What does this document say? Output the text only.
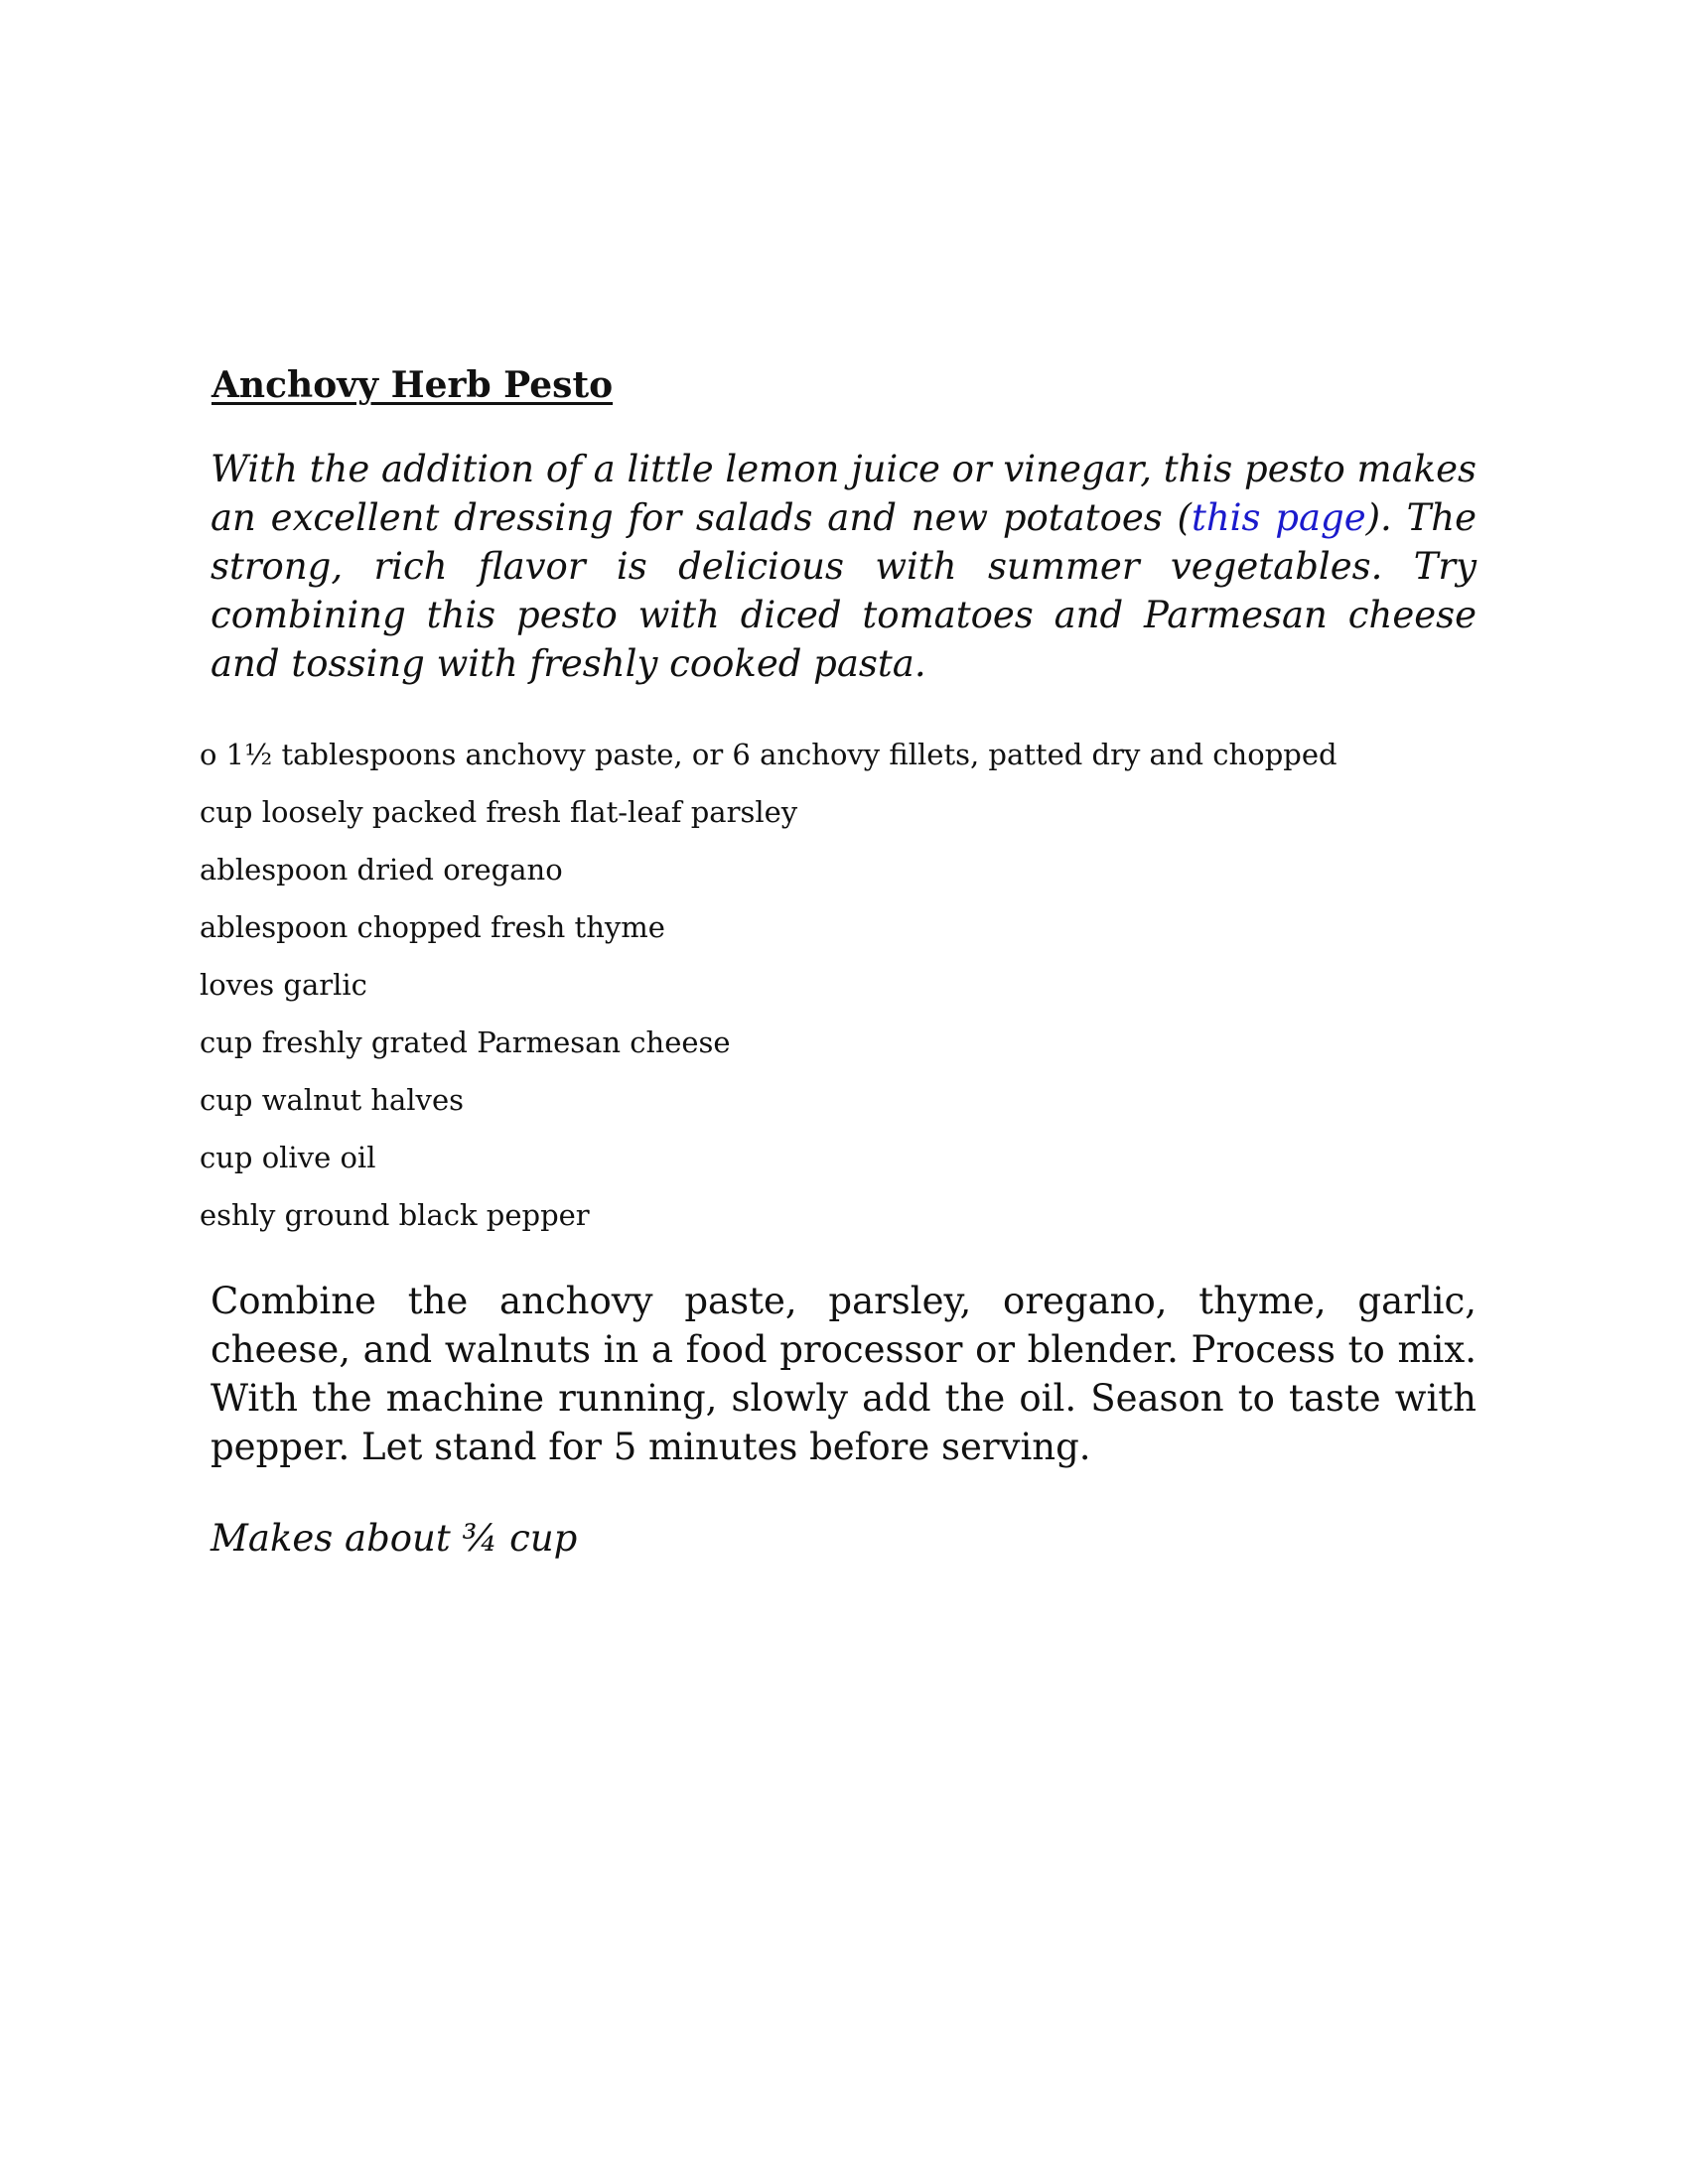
Anchovy Herb Pesto

With the addition of a little lemon juice or vinegar, this pesto makes an excellent dressing for salads and new potatoes (this page). The strong, rich flavor is delicious with summer vegetables. Try combining this pesto with diced tomatoes and Parmesan cheese and tossing with freshly cooked pasta.

o 1½ tablespoons anchovy paste, or 6 anchovy fillets, patted dry and chopped
cup loosely packed fresh flat-leaf parsley
ablespoon dried oregano
ablespoon chopped fresh thyme
loves garlic
cup freshly grated Parmesan cheese
cup walnut halves
cup olive oil
eshly ground black pepper

Combine the anchovy paste, parsley, oregano, thyme, garlic, cheese, and walnuts in a food processor or blender. Process to mix. With the machine running, slowly add the oil. Season to taste with pepper. Let stand for 5 minutes before serving.

Makes about ¾ cup
